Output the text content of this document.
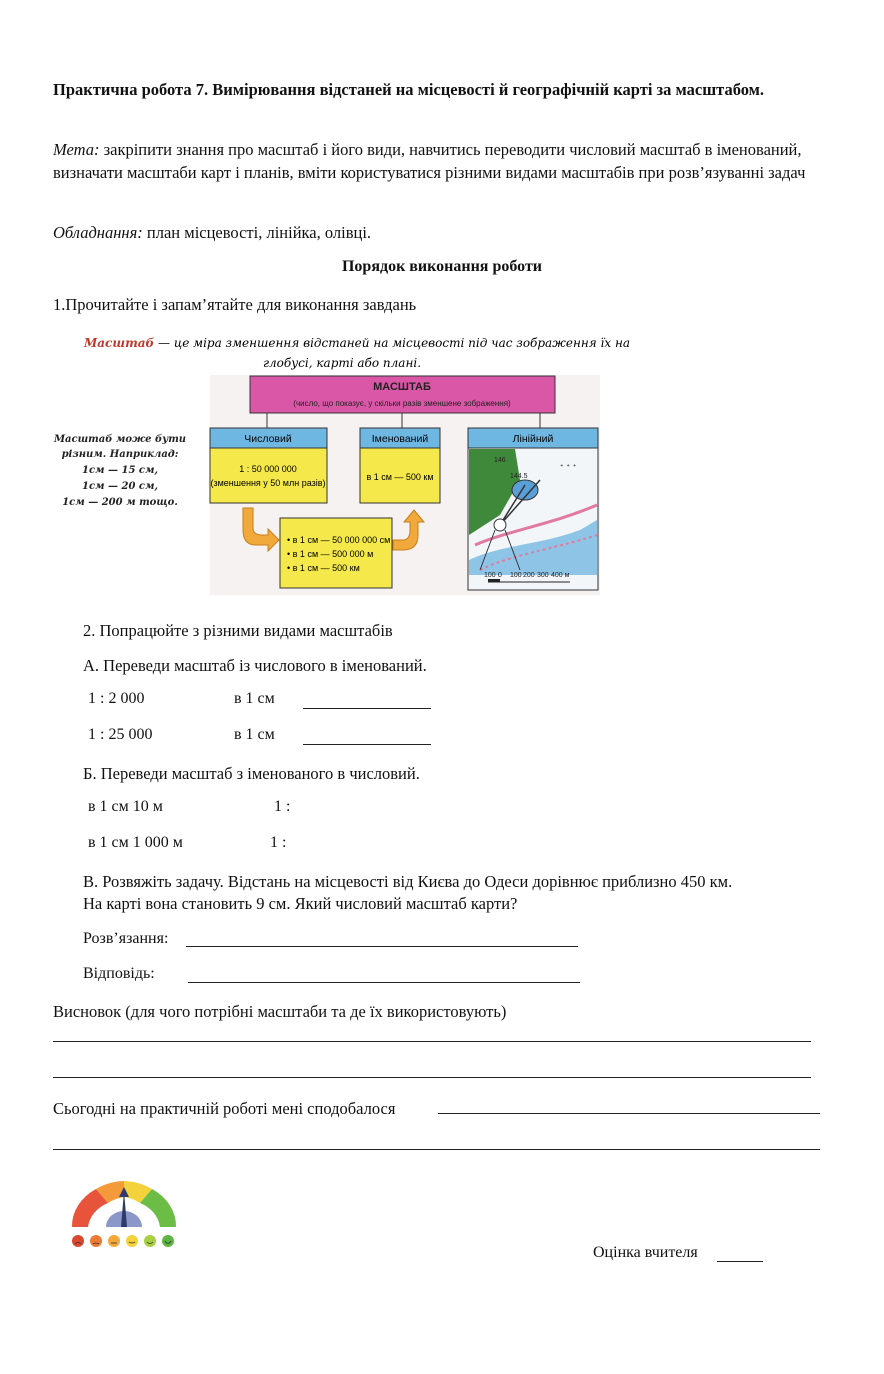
Практична робота 7. Вимірювання відстаней на місцевості й географічній карті за масштабом.
Мета: закріпити знання про масштаб і його види, навчитись переводити числовий масштаб в іменований, визначати масштаби карт і планів, вміти користуватися різними видами масштабів при розв’язуванні задач
Обладнання: план місцевості, лінійка, олівці.
Порядок виконання роботи
1.Прочитайте і запам’ятайте для виконання завдань
Масштаб — це міра зменшення відстаней на місцевості під час зображення їх на
глобусі, карті або плані.
Масштаб може бути
різним. Наприклад:
1см — 15 см,
1см — 20 см,
1см — 200 м тощо.
МАСШТАБ
(число, що показує, у скільки разів зменшене зображення)
Числовий
1 : 50 000 000
(зменшення у 50 млн разів)
Іменований
в 1 см — 500 км
Лінійний
146
144.5
ᐩ ᐩ ᐩ
100 0 100 200 300 400 м
• в 1 см — 50 000 000 см
• в 1 см — 500 000 м
• в 1 см — 500 км
2. Попрацюйте з різними видами масштабів
А. Переведи масштаб із числового в іменований.
1 : 2 000	в 1 см
1 : 25 000	в 1 см
Б. Переведи масштаб з іменованого в числовий.
в 1 см 10 м	1 :
в 1 см 1 000 м	1 :
В. Розвяжіть задачу. Відстань на місцевості від Києва до Одеси дорівнює приблизно 450 км.
На карті вона становить 9 см. Який числовий масштаб карти?
Розв’язання:
Відповідь:
Висновок (для чого потрібні масштаби та де їх використовують)
Сьогодні на практичній роботі мені сподобалося
Оцінка вчителя
